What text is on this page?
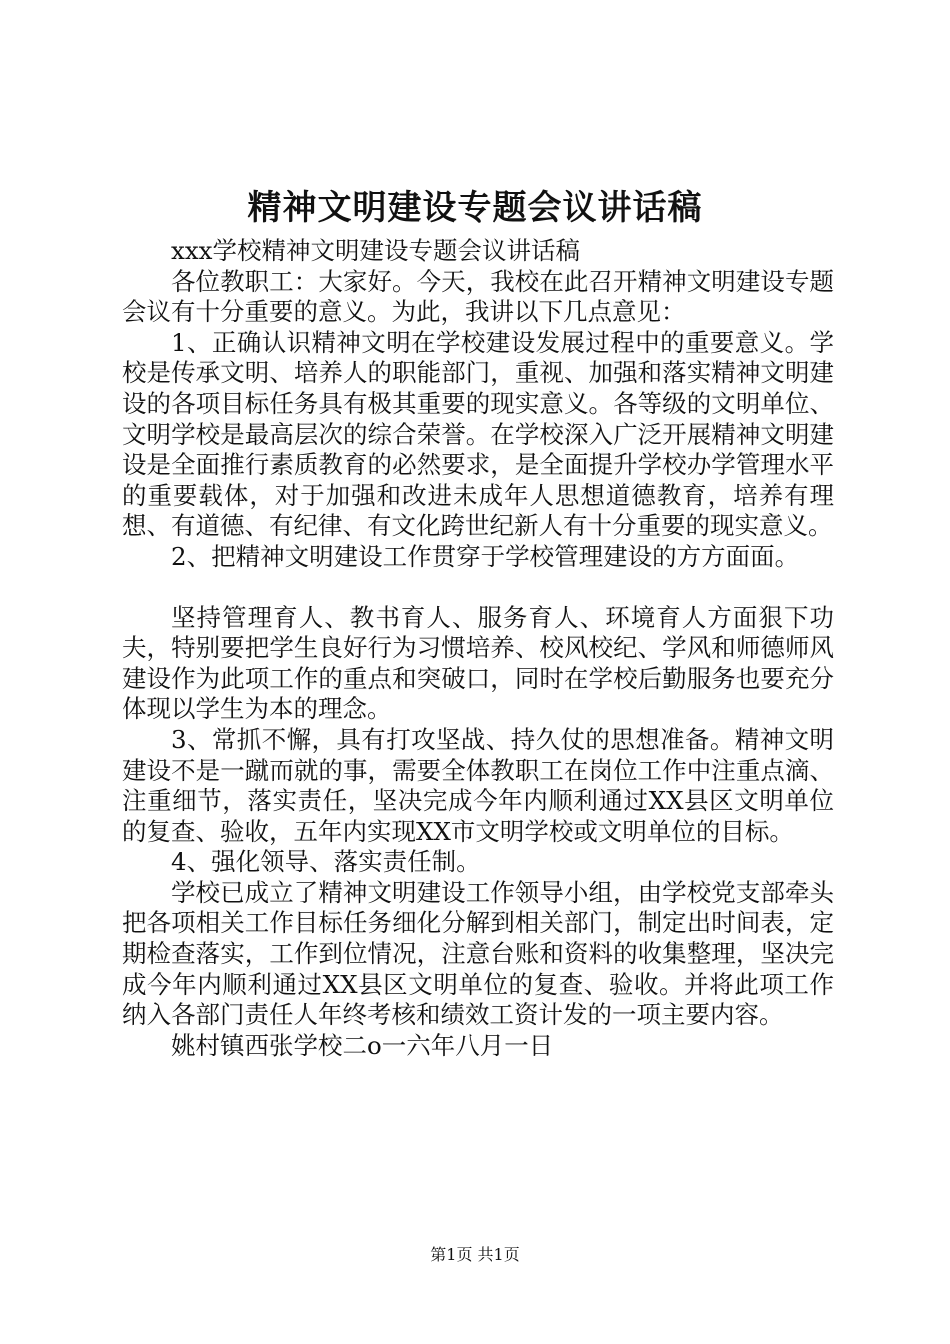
精神文明建设专题会议讲话稿

xxx学校精神文明建设专题会议讲话稿

各位教职工：大家好。今天，我校在此召开精神文明建设专题会议有十分重要的意义。为此，我讲以下几点意见：

1、正确认识精神文明在学校建设发展过程中的重要意义。学校是传承文明、培养人的职能部门，重视、加强和落实精神文明建设的各项目标任务具有极其重要的现实意义。各等级的文明单位、文明学校是最高层次的综合荣誉。在学校深入广泛开展精神文明建设是全面推行素质教育的必然要求，是全面提升学校办学管理水平的重要载体，对于加强和改进未成年人思想道德教育，培养有理想、有道德、有纪律、有文化跨世纪新人有十分重要的现实意义。

2、把精神文明建设工作贯穿于学校管理建设的方方面面。

坚持管理育人、教书育人、服务育人、环境育人方面狠下功夫，特别要把学生良好行为习惯培养、校风校纪、学风和师德师风建设作为此项工作的重点和突破口，同时在学校后勤服务也要充分体现以学生为本的理念。

3、常抓不懈，具有打攻坚战、持久仗的思想准备。精神文明建设不是一蹴而就的事，需要全体教职工在岗位工作中注重点滴、注重细节，落实责任，坚决完成今年内顺利通过XX县区文明单位的复查、验收，五年内实现XX市文明学校或文明单位的目标。

4、强化领导、落实责任制。

学校已成立了精神文明建设工作领导小组，由学校党支部牵头把各项相关工作目标任务细化分解到相关部门，制定出时间表，定期检查落实，工作到位情况，注意台账和资料的收集整理，坚决完成今年内顺利通过XX县区文明单位的复查、验收。并将此项工作纳入各部门责任人年终考核和绩效工资计发的一项主要内容。

姚村镇西张学校二o一六年八月一日

第1页 共1页
